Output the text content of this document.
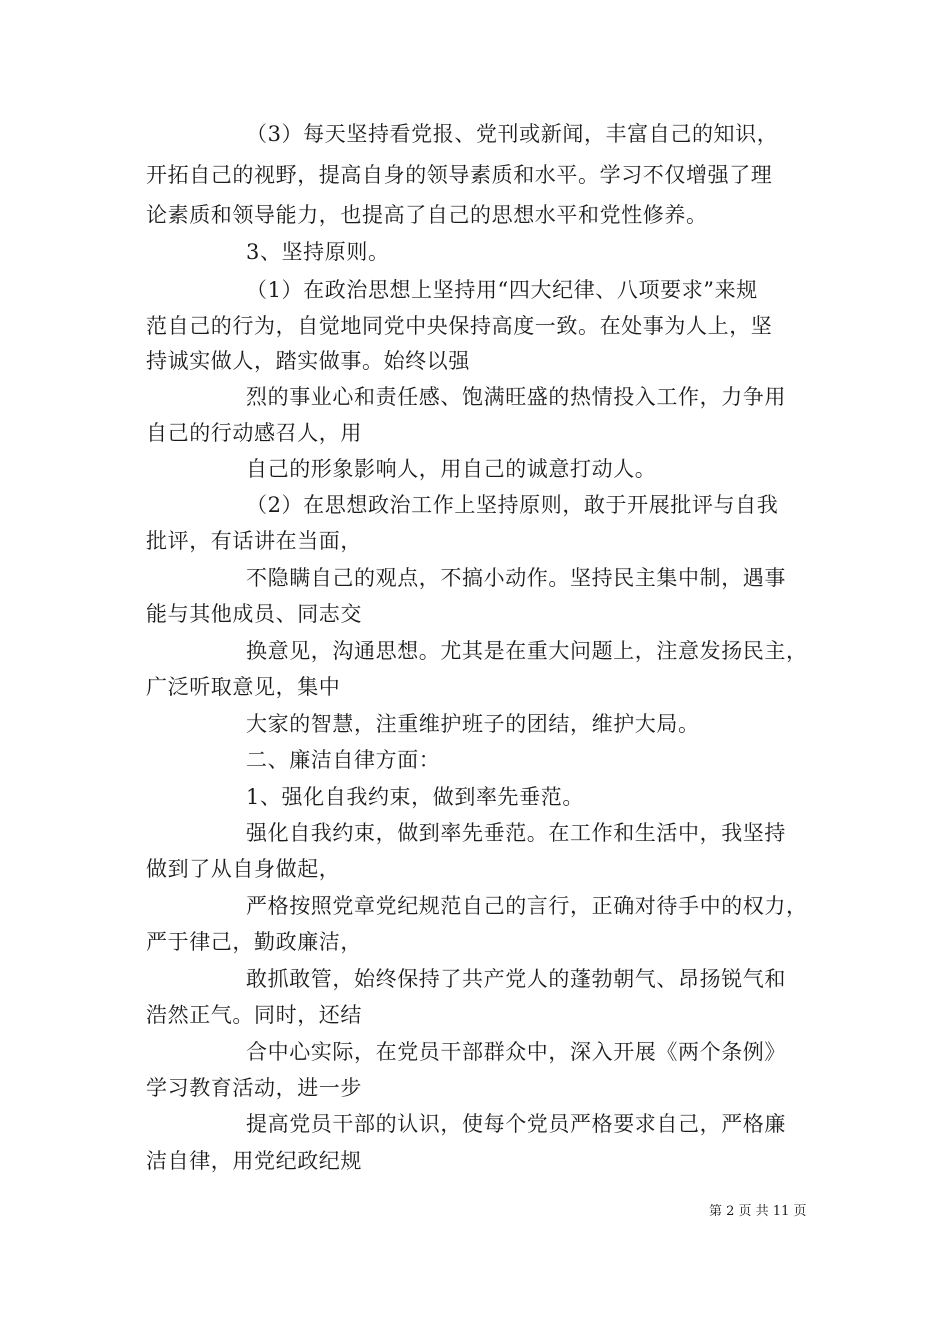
（3）每天坚持看党报、党刊或新闻，丰富自己的知识，
开拓自己的视野，提高自身的领导素质和水平。学习不仅增强了理
论素质和领导能力，也提高了自己的思想水平和党性修养。
3、坚持原则。
（1）在政治思想上坚持用“四大纪律、八项要求”来规
范自己的行为，自觉地同党中央保持高度一致。在处事为人上，坚
持诚实做人，踏实做事。始终以强
烈的事业心和责任感、饱满旺盛的热情投入工作，力争用
自己的行动感召人，用
自己的形象影响人，用自己的诚意打动人。
（2）在思想政治工作上坚持原则，敢于开展批评与自我
批评，有话讲在当面，
不隐瞒自己的观点，不搞小动作。坚持民主集中制，遇事
能与其他成员、同志交
换意见，沟通思想。尤其是在重大问题上，注意发扬民主，
广泛听取意见，集中
大家的智慧，注重维护班子的团结，维护大局。
二、廉洁自律方面：
1、强化自我约束，做到率先垂范。
强化自我约束，做到率先垂范。在工作和生活中，我坚持
做到了从自身做起，
严格按照党章党纪规范自己的言行，正确对待手中的权力，
严于律己，勤政廉洁，
敢抓敢管，始终保持了共产党人的蓬勃朝气、昂扬锐气和
浩然正气。同时，还结
合中心实际，在党员干部群众中，深入开展《两个条例》
学习教育活动，进一步
提高党员干部的认识，使每个党员严格要求自己，严格廉
洁自律，用党纪政纪规
第 2 页 共 11 页
